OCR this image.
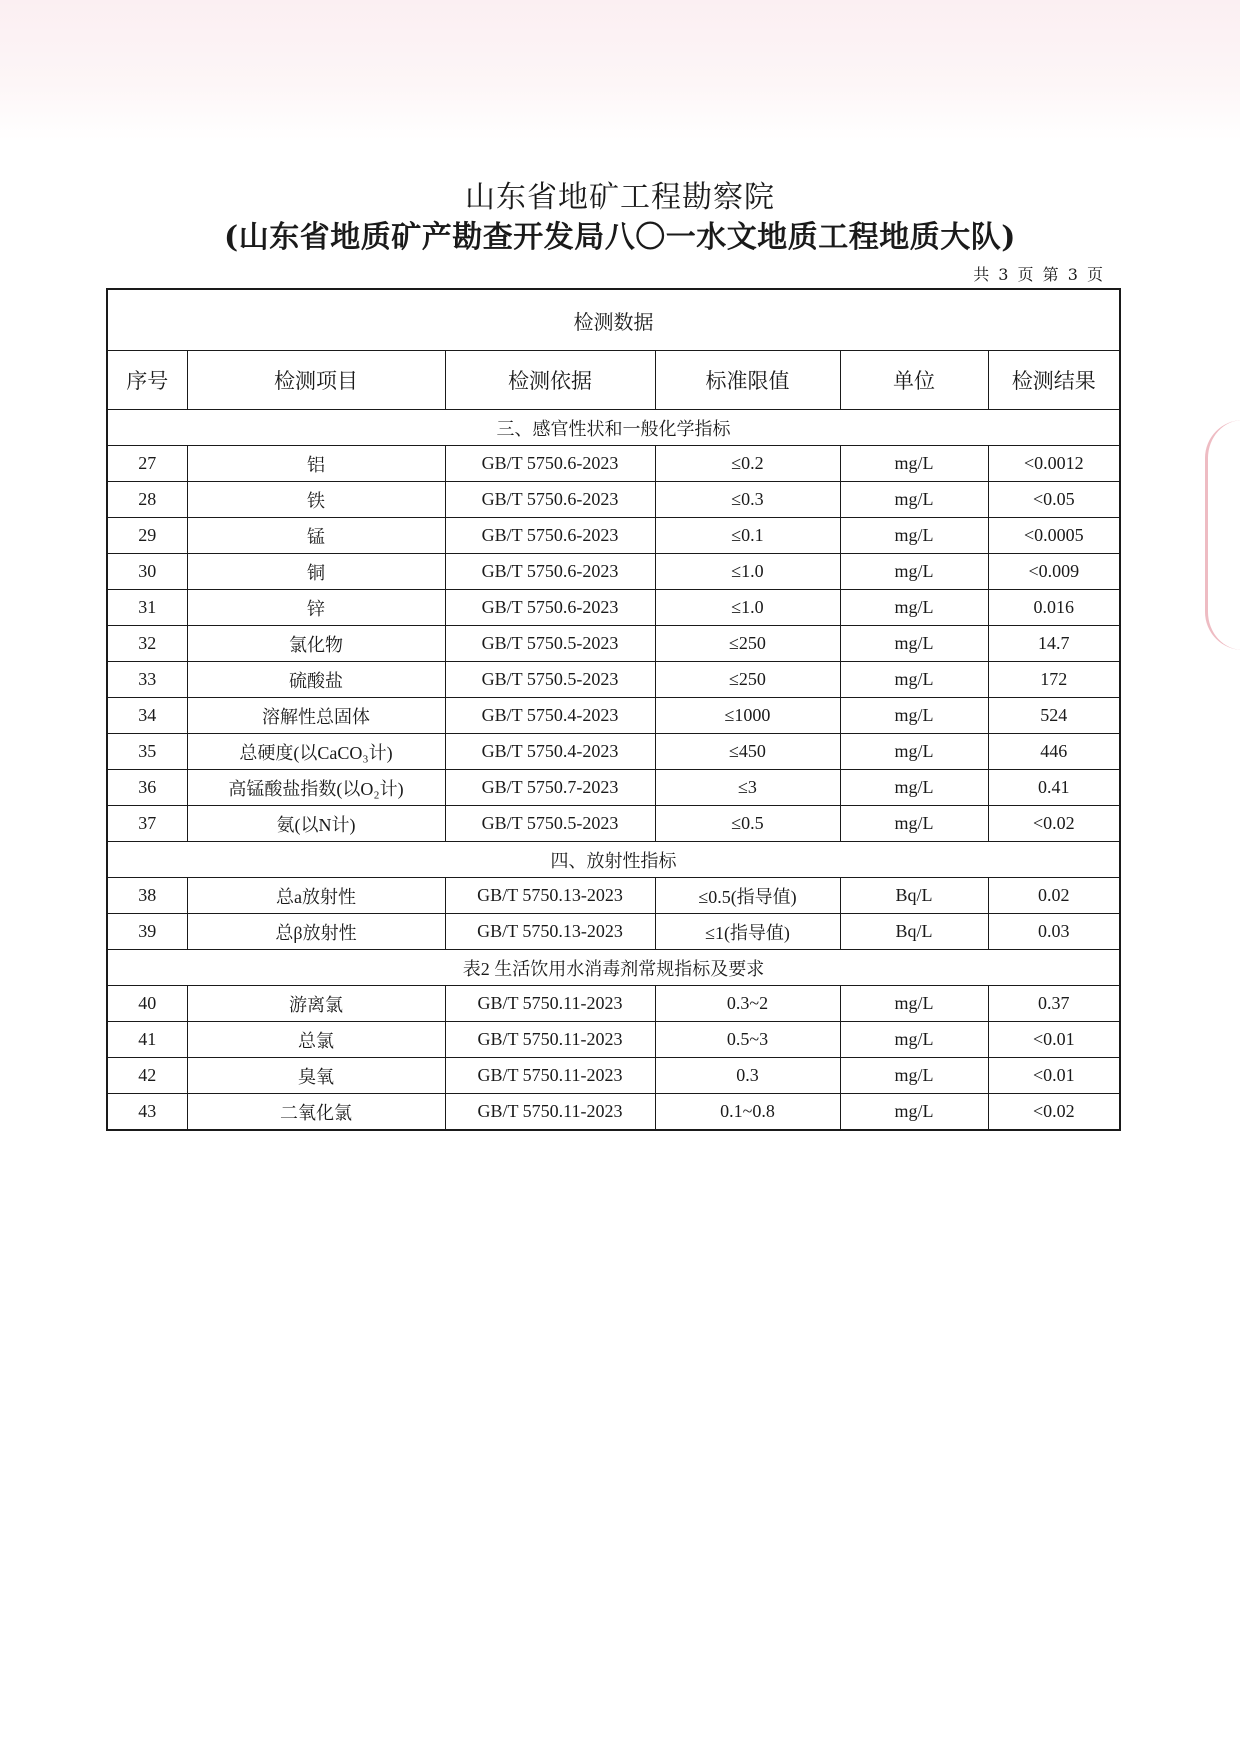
山东省地矿工程勘察院
(山东省地质矿产勘查开发局八〇一水文地质工程地质大队)
共 3 页 第 3 页
检测数据					
序号	检测项目	检测依据	标准限值	单位	检测结果
三、感官性状和一般化学指标					
27	铝	GB/T 5750.6-2023	≤0.2	mg/L	<0.0012
28	铁	GB/T 5750.6-2023	≤0.3	mg/L	<0.05
29	锰	GB/T 5750.6-2023	≤0.1	mg/L	<0.0005
30	铜	GB/T 5750.6-2023	≤1.0	mg/L	<0.009
31	锌	GB/T 5750.6-2023	≤1.0	mg/L	0.016
32	氯化物	GB/T 5750.5-2023	≤250	mg/L	14.7
33	硫酸盐	GB/T 5750.5-2023	≤250	mg/L	172
34	溶解性总固体	GB/T 5750.4-2023	≤1000	mg/L	524
35	总硬度(以CaCO₃计)	GB/T 5750.4-2023	≤450	mg/L	446
36	高锰酸盐指数(以O₂计)	GB/T 5750.7-2023	≤3	mg/L	0.41
37	氨(以N计)	GB/T 5750.5-2023	≤0.5	mg/L	<0.02
四、放射性指标					
38	总a放射性	GB/T 5750.13-2023	≤0.5(指导值)	Bq/L	0.02
39	总β放射性	GB/T 5750.13-2023	≤1(指导值)	Bq/L	0.03
表2 生活饮用水消毒剂常规指标及要求					
40	游离氯	GB/T 5750.11-2023	0.3~2	mg/L	0.37
41	总氯	GB/T 5750.11-2023	0.5~3	mg/L	<0.01
42	臭氧	GB/T 5750.11-2023	0.3	mg/L	<0.01
43	二氧化氯	GB/T 5750.11-2023	0.1~0.8	mg/L	<0.02
